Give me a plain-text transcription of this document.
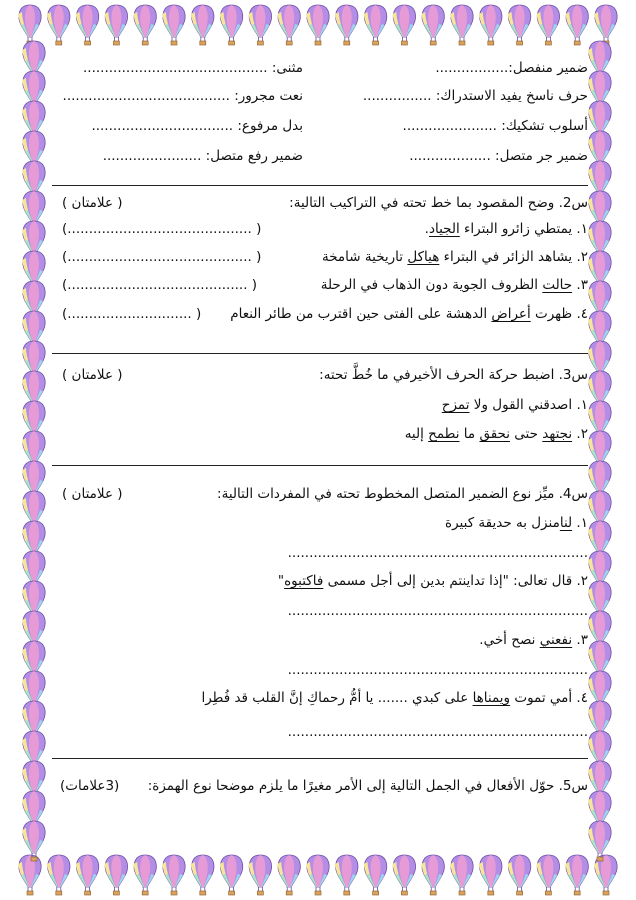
ضمير منفصل:.................
مثنى: ...........................................
حرف ناسخ يفيد الاستدراك: ................
نعت مجرور: .......................................
أسلوب تشكيك: ......................
بدل مرفوع: .................................
ضمير جر متصل: ...................
ضمير رفع متصل: .......................
س2. وضح المقصود بما خط تحته في التراكيب التالية:
( علامتان )
١. يمتطي زائرو البتراء الجياد.
( ...........................................)
٢. يشاهد الزائر في البتراء هياكل تاريخية شامخة
( ...........................................)
٣. حالت الظروف الجوية دون الذهاب في الرحلة
( ..........................................)
٤. ظهرت أعراض الدهشة على الفتى حين اقترب من طائر النعام
( .............................)
س3. اضبط حركة الحرف الأخيرفي ما خُطَّ تحته:
( علامتان )
١. اصدقني القول ولا تمزح
٢. نجتهد حتى نحقق ما نطمح إليه
س4. ميِّز نوع الضمير المتصل المخطوط تحته في المفردات التالية:
( علامتان )
١. لنامنزل به حديقة كبيرة
......................................................................
٢. قال تعالى: "إذا تداينتم بدين إلى أجل مسمى فاكتبوه"
......................................................................
٣. نفعني نصح أخي.
......................................................................
٤. أمي تموت ويمناها على كبدي ....... يا أمُّ رحماكِ إنَّ القلب قد فُطِرا
......................................................................
س5. حوّل الأفعال في الجمل التالية إلى الأمر مغيرًا ما يلزم موضحا نوع الهمزة:
(3علامات)
